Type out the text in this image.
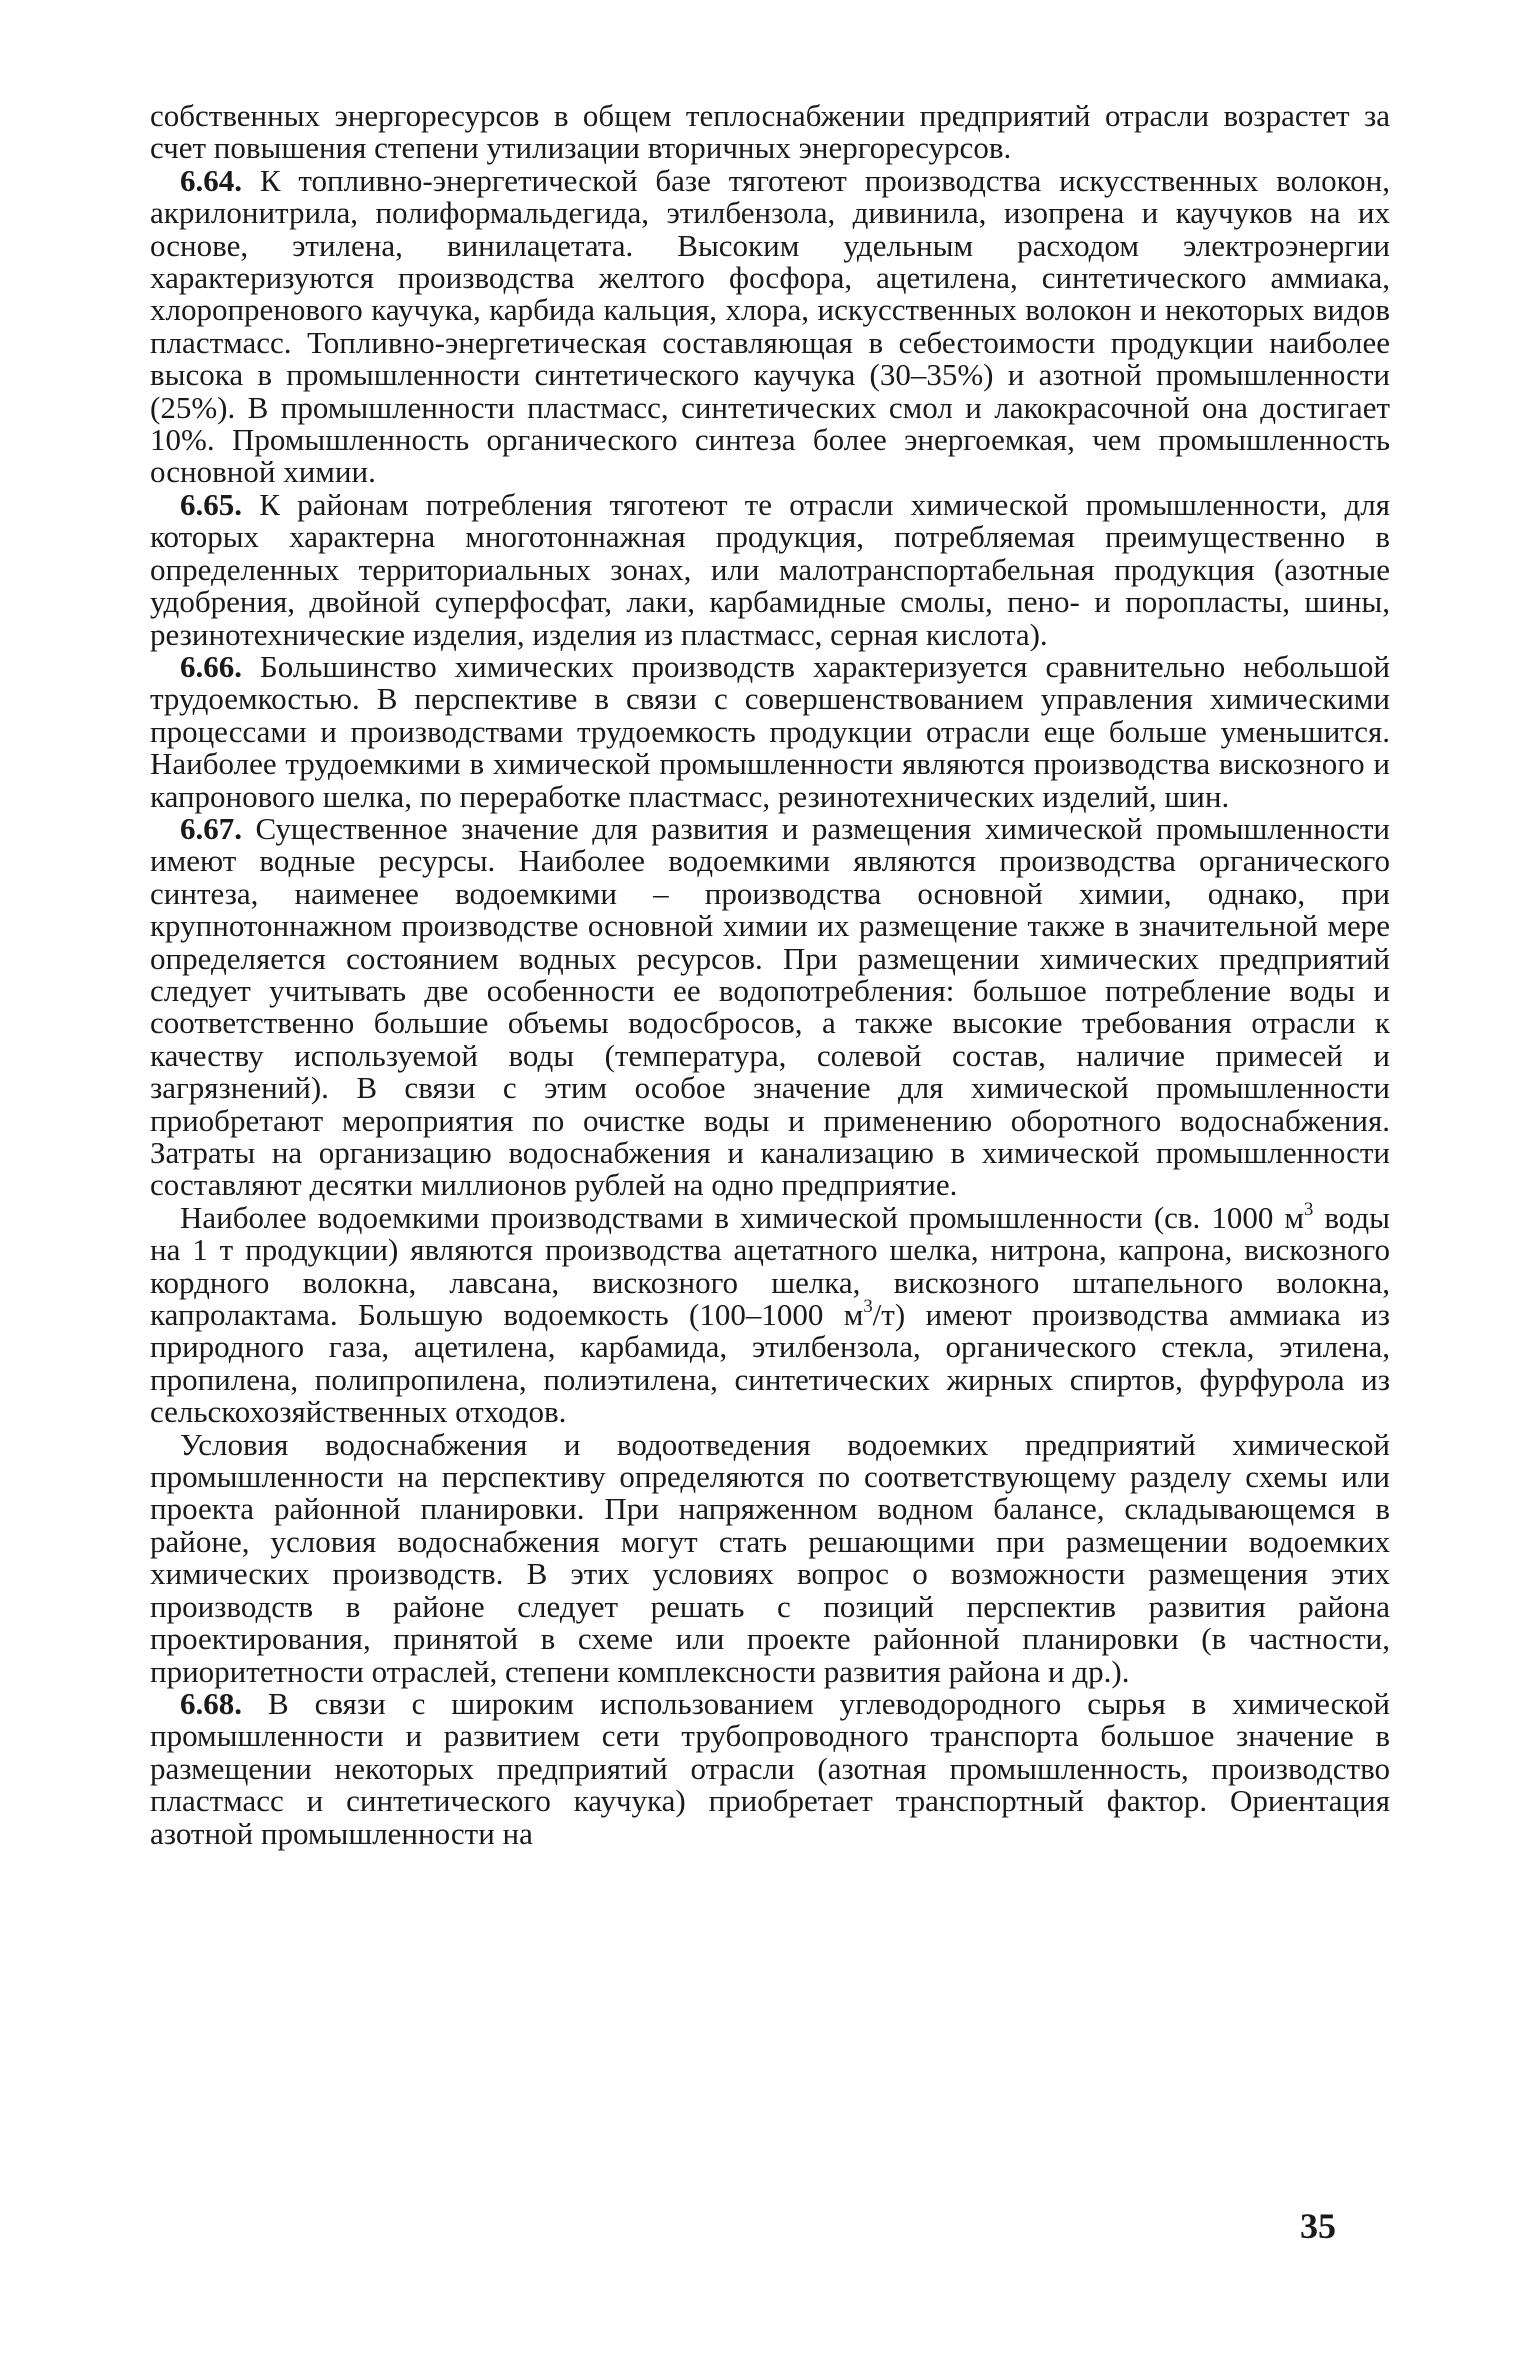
собственных энергоресурсов в общем теплоснабжении предприятий отрасли возрастет за счет повышения степени утилизации вторичных энергоресурсов.

6.64. К топливно-энергетической базе тяготеют производства искусственных волокон, акрилонитрила, полиформальдегида, этилбензола, дивинила, изопрена и каучуков на их основе, этилена, винилацетата. Высоким удельным расходом электроэнергии характеризуются производства желтого фосфора, ацетилена, синтетического аммиака, хлоропренового каучука, карбида кальция, хлора, искусственных волокон и некоторых видов пластмасс. Топливно-энергетическая составляющая в себестоимости продукции наиболее высока в промышленности синтетического каучука (30–35%) и азотной промышленности (25%). В промышленности пластмасс, синтетических смол и лакокрасочной она достигает 10%. Промышленность органического синтеза более энергоемкая, чем промышленность основной химии.

6.65. К районам потребления тяготеют те отрасли химической промышленности, для которых характерна многотоннажная продукция, потребляемая преимущественно в определенных территориальных зонах, или малотранспортабельная продукция (азотные удобрения, двойной суперфосфат, лаки, карбамидные смолы, пено- и поропласты, шины, резинотехнические изделия, изделия из пластмасс, серная кислота).

6.66. Большинство химических производств характеризуется сравнительно небольшой трудоемкостью. В перспективе в связи с совершенствованием управления химическими процессами и производствами трудоемкость продукции отрасли еще больше уменьшится. Наиболее трудоемкими в химической промышленности являются производства вискозного и капронового шелка, по переработке пластмасс, резинотехнических изделий, шин.

6.67. Существенное значение для развития и размещения химической промышленности имеют водные ресурсы. Наиболее водоемкими являются производства органического синтеза, наименее водоемкими – производства основной химии, однако, при крупнотоннажном производстве основной химии их размещение также в значительной мере определяется состоянием водных ресурсов. При размещении химических предприятий следует учитывать две особенности ее водопотребления: большое потребление воды и соответственно большие объемы водосбросов, а также высокие требования отрасли к качеству используемой воды (температура, солевой состав, наличие примесей и загрязнений). В связи с этим особое значение для химической промышленности приобретают мероприятия по очистке воды и применению оборотного водоснабжения. Затраты на организацию водоснабжения и канализацию в химической промышленности составляют десятки миллионов рублей на одно предприятие.

Наиболее водоемкими производствами в химической промышленности (св. 1000 $м^3$ воды на 1 т продукции) являются производства ацетатного шелка, нитрона, капрона, вискозного кордного волокна, лавсана, вискозного шелка, вискозного штапельного волокна, капролактама. Большую водоемкость (100–1000 $м^3/т$) имеют производства аммиака из природного газа, ацетилена, карбамида, этилбензола, органического стекла, этилена, пропилена, полипропилена, полиэтилена, синтетических жирных спиртов, фурфурола из сельскохозяйственных отходов.

Условия водоснабжения и водоотведения водоемких предприятий химической промышленности на перспективу определяются по соответствующему разделу схемы или проекта районной планировки. При напряженном водном балансе, складывающемся в районе, условия водоснабжения могут стать решающими при размещении водоемких химических производств. В этих условиях вопрос о возможности размещения этих производств в районе следует решать с позиций перспектив развития района проектирования, принятой в схеме или проекте районной планировки (в частности, приоритетности отраслей, степени комплексности развития района и др.).

6.68. В связи с широким использованием углеводородного сырья в химической промышленности и развитием сети трубопроводного транспорта большое значение в размещении некоторых предприятий отрасли (азотная промышленность, производство пластмасс и синтетического каучука) приобретает транспортный фактор. Ориентация азотной промышленности на

35
